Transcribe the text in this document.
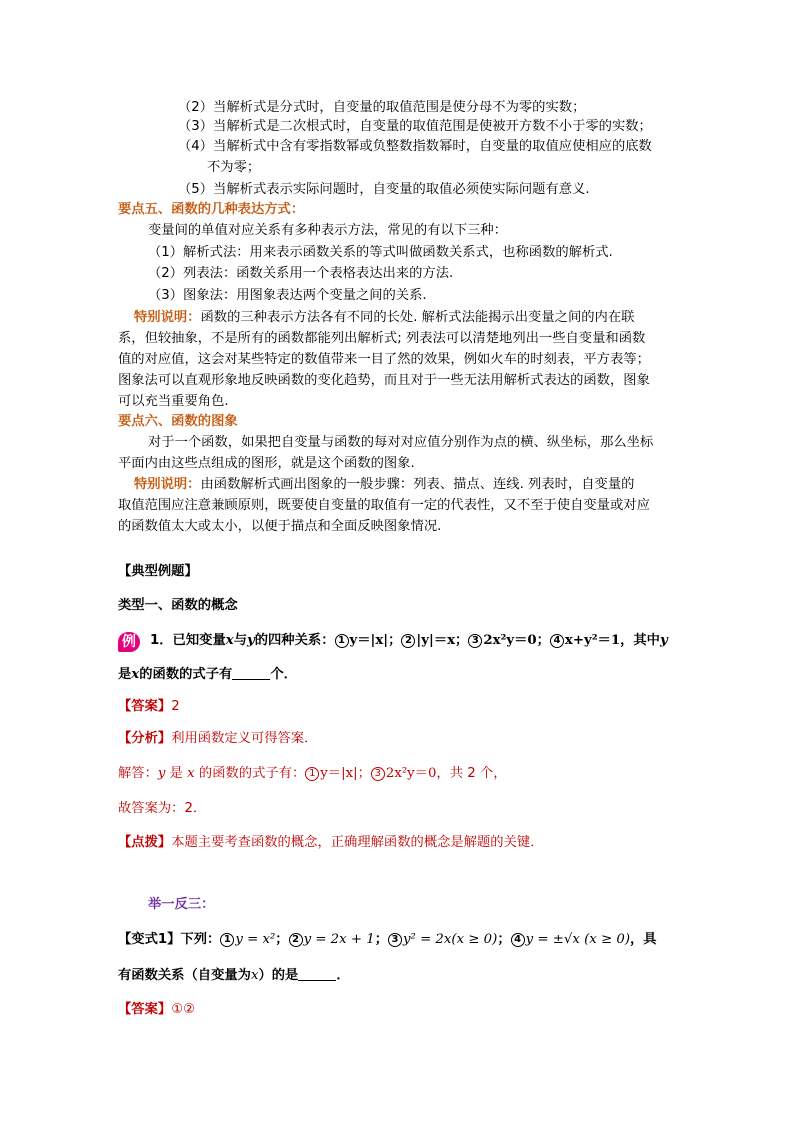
（2）当解析式是分式时，自变量的取值范围是使分母不为零的实数；
（3）当解析式是二次根式时，自变量的取值范围是使被开方数不小于零的实数；
（4）当解析式中含有零指数幂或负整数指数幂时，自变量的取值应使相应的底数
不为零；
（5）当解析式表示实际问题时，自变量的取值必须使实际问题有意义.
要点五、函数的几种表达方式：
变量间的单值对应关系有多种表示方法，常见的有以下三种：
（1）解析式法：用来表示函数关系的等式叫做函数关系式，也称函数的解析式.
（2）列表法：函数关系用一个表格表达出来的方法.
（3）图象法：用图象表达两个变量之间的关系.
特别说明：函数的三种表示方法各有不同的长处. 解析式法能揭示出变量之间的内在联
系，但较抽象，不是所有的函数都能列出解析式; 列表法可以清楚地列出一些自变量和函数
值的对应值，这会对某些特定的数值带来一目了然的效果，例如火车的时刻表，平方表等；
图象法可以直观形象地反映函数的变化趋势，而且对于一些无法用解析式表达的函数，图象
可以充当重要角色.
要点六、函数的图象
对于一个函数，如果把自变量与函数的每对对应值分别作为点的横、纵坐标，那么坐标
平面内由这些点组成的图形，就是这个函数的图象.
特别说明：由函数解析式画出图象的一般步骤：列表、描点、连线. 列表时，自变量的
取值范围应注意兼顾原则，既要使自变量的取值有一定的代表性，又不至于使自变量或对应
的函数值太大或太小，以便于描点和全面反映图象情况.
【典型例题】
类型一、函数的概念
例 1．已知变量x与y的四种关系： 1 y＝|x|； 2 |y|＝x； 3 2x²y＝0； 4 x+y²＝1，其中y
是x的函数的式子有	个．
【答案】2
【分析】利用函数定义可得答案．
解答：y 是 x 的函数的式子有： 1 y＝|x|； 3 2x²y＝0，共 2 个，
故答案为：2．
【点拨】本题主要考查函数的概念，正确理解函数的概念是解题的关键．
举一反三：
【变式1】下列： 1 y = x²； 2 y = 2x + 1； 3 y² = 2x(x ≥ 0)； 4 y = ±√x (x ≥ 0)，具
有函数关系（自变量为x）的是	．
【答案】①②
